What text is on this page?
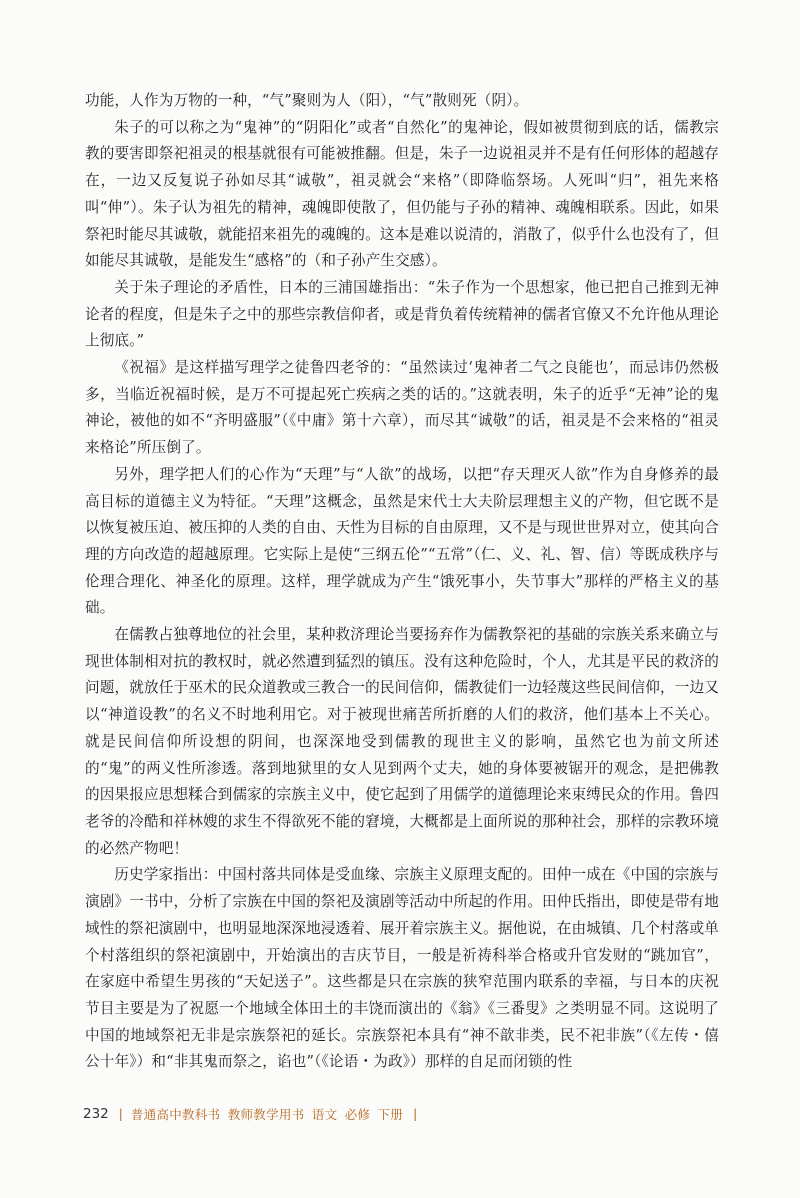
功能，人作为万物的一种，“气”聚则为人（阳），“气”散则死（阴）。

朱子的可以称之为“鬼神”的“阴阳化”或者“自然化”的鬼神论，假如被贯彻到底的话，儒教宗教的要害即祭祀祖灵的根基就很有可能被推翻。但是，朱子一边说祖灵并不是有任何形体的超越存在，一边又反复说子孙如尽其“诚敬”，祖灵就会“来格”（即降临祭场。人死叫“归”，祖先来格叫“伸”）。朱子认为祖先的精神，魂魄即使散了，但仍能与子孙的精神、魂魄相联系。因此，如果祭祀时能尽其诚敬，就能招来祖先的魂魄的。这本是难以说清的，消散了，似乎什么也没有了，但如能尽其诚敬，是能发生“感格”的（和子孙产生交感）。

关于朱子理论的矛盾性，日本的三浦国雄指出：“朱子作为一个思想家，他已把自己推到无神论者的程度，但是朱子之中的那些宗教信仰者，或是背负着传统精神的儒者官僚又不允许他从理论上彻底。”

《祝福》是这样描写理学之徒鲁四老爷的：“虽然读过‘鬼神者二气之良能也’，而忌讳仍然极多，当临近祝福时候，是万不可提起死亡疾病之类的话的。”这就表明，朱子的近乎“无神”论的鬼神论，被他的如不“齐明盛服”（《中庸》第十六章），而尽其“诚敬”的话，祖灵是不会来格的“祖灵来格论”所压倒了。

另外，理学把人们的心作为“天理”与“人欲”的战场，以把“存天理灭人欲”作为自身修养的最高目标的道德主义为特征。“天理”这概念，虽然是宋代士大夫阶层理想主义的产物，但它既不是以恢复被压迫、被压抑的人类的自由、天性为目标的自由原理，又不是与现世世界对立，使其向合理的方向改造的超越原理。它实际上是使“三纲五伦”“五常”（仁、义、礼、智、信）等既成秩序与伦理合理化、神圣化的原理。这样，理学就成为产生“饿死事小，失节事大”那样的严格主义的基础。

在儒教占独尊地位的社会里，某种救济理论当要扬弃作为儒教祭祀的基础的宗族关系来确立与现世体制相对抗的教权时，就必然遭到猛烈的镇压。没有这种危险时，个人，尤其是平民的救济的问题，就放任于巫术的民众道教或三教合一的民间信仰，儒教徒们一边轻蔑这些民间信仰，一边又以“神道设教”的名义不时地利用它。对于被现世痛苦所折磨的人们的救济，他们基本上不关心。就是民间信仰所设想的阴间，也深深地受到儒教的现世主义的影响，虽然它也为前文所述的“鬼”的两义性所渗透。落到地狱里的女人见到两个丈夫，她的身体要被锯开的观念，是把佛教的因果报应思想糅合到儒家的宗族主义中，使它起到了用儒学的道德理论来束缚民众的作用。鲁四老爷的冷酷和祥林嫂的求生不得欲死不能的窘境，大概都是上面所说的那种社会，那样的宗教环境的必然产物吧！

历史学家指出：中国村落共同体是受血缘、宗族主义原理支配的。田仲一成在《中国的宗族与演剧》一书中，分析了宗族在中国的祭祀及演剧等活动中所起的作用。田仲氏指出，即使是带有地域性的祭祀演剧中，也明显地深深地浸透着、展开着宗族主义。据他说，在由城镇、几个村落或单个村落组织的祭祀演剧中，开始演出的吉庆节目，一般是祈祷科举合格或升官发财的“跳加官”，在家庭中希望生男孩的“天妃送子”。这些都是只在宗族的狭窄范围内联系的幸福，与日本的庆祝节目主要是为了祝愿一个地域全体田土的丰饶而演出的《翁》《三番叟》之类明显不同。这说明了中国的地域祭祀无非是宗族祭祀的延长。宗族祭祀本具有“神不歆非类，民不祀非族”（《左传・僖公十年》）和“非其鬼而祭之，谄也”（《论语・为政》）那样的自足而闭锁的性

232 | 普通高中教科书 教师教学用书 语文 必修 下册 |
